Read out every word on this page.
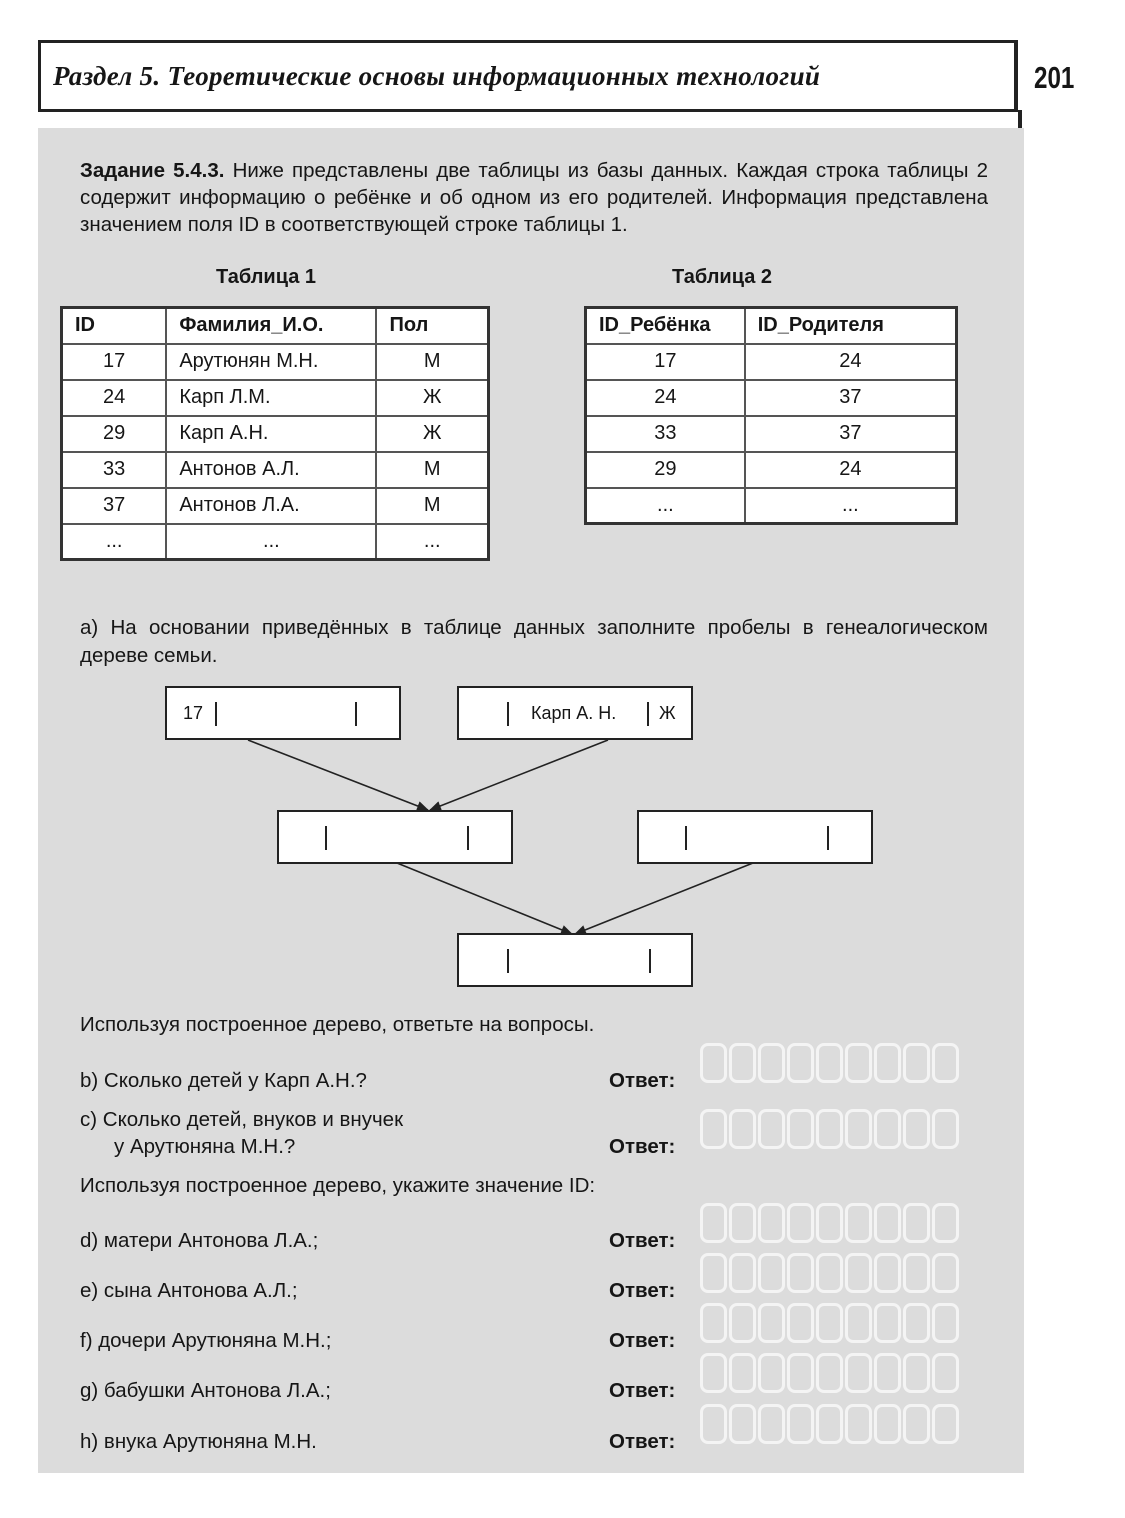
Раздел 5. Теоретические основы информационных технологий	201
Задание 5.4.3. Ниже представлены две таблицы из базы данных. Каждая строка таблицы 2 содержит информацию о ребёнке и об одном из его родителей. Информация представлена значением поля ID в соответствующей строке таблицы 1.
Таблица 1	Таблица 2
ID	Фамилия_И.О.	Пол
17	Арутюнян М.Н.	М
24	Карп Л.М.	Ж
29	Карп А.Н.	Ж
33	Антонов А.Л.	М
37	Антонов Л.А.	М
...	...	...
ID_Ребёнка	ID_Родителя
17	24
24	37
33	37
29	24
...	...
а) На основании приведённых в таблице данных заполните пробелы в генеалогическом дереве семьи.
17	Карп А. Н. Ж
Используя построенное дерево, ответьте на вопросы.
b) Сколько детей у Карп А.Н.?	Ответ:
c) Сколько детей, внуков и внучек
у Арутюняна М.Н.?	Ответ:
Используя построенное дерево, укажите значение ID:
d) матери Антонова Л.А.;	Ответ:
e) сына Антонова А.Л.;	Ответ:
f) дочери Арутюняна М.Н.;	Ответ:
g) бабушки Антонова Л.А.;	Ответ:
h) внука Арутюняна М.Н.	Ответ:
